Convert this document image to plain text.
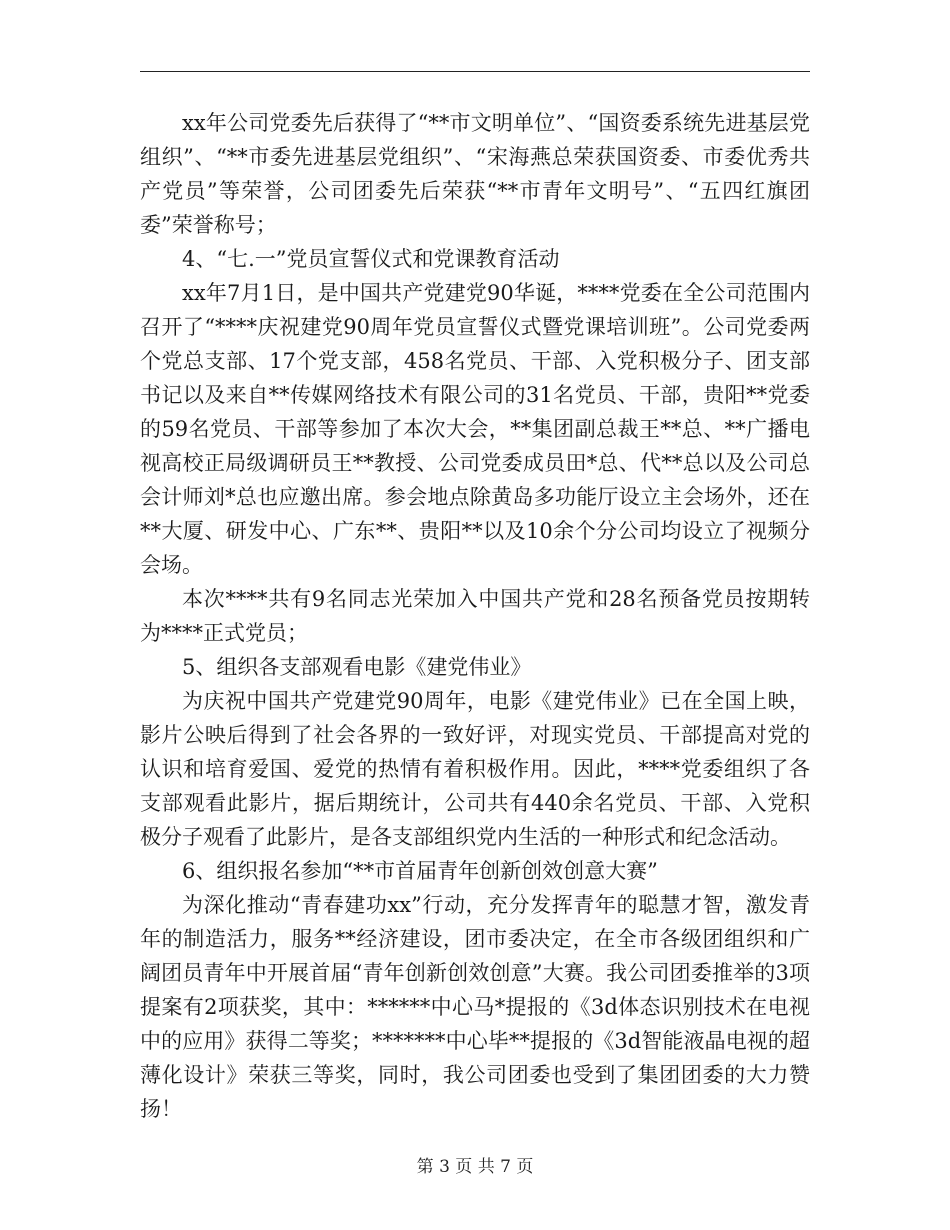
xx年公司党委先后获得了“**市文明单位”、“国资委系统先进基层党组织”、“**市委先进基层党组织”、“宋海燕总荣获国资委、市委优秀共产党员”等荣誉，公司团委先后荣获“**市青年文明号”、“五四红旗团委”荣誉称号；

4、“七.一”党员宣誓仪式和党课教育活动

xx年7月1日，是中国共产党建党90华诞，****党委在全公司范围内召开了“****庆祝建党90周年党员宣誓仪式暨党课培训班”。公司党委两个党总支部、17个党支部，458名党员、干部、入党积极分子、团支部书记以及来自**传媒网络技术有限公司的31名党员、干部，贵阳**党委的59名党员、干部等参加了本次大会，**集团副总裁王**总、**广播电视高校正局级调研员王**教授、公司党委成员田*总、代**总以及公司总会计师刘*总也应邀出席。参会地点除黄岛多功能厅设立主会场外，还在**大厦、研发中心、广东**、贵阳**以及10余个分公司均设立了视频分会场。

本次****共有9名同志光荣加入中国共产党和28名预备党员按期转为****正式党员；

5、组织各支部观看电影《建党伟业》

为庆祝中国共产党建党90周年，电影《建党伟业》已在全国上映，影片公映后得到了社会各界的一致好评，对现实党员、干部提高对党的认识和培育爱国、爱党的热情有着积极作用。因此，****党委组织了各支部观看此影片，据后期统计，公司共有440余名党员、干部、入党积极分子观看了此影片，是各支部组织党内生活的一种形式和纪念活动。

6、组织报名参加“**市首届青年创新创效创意大赛”

为深化推动“青春建功xx”行动，充分发挥青年的聪慧才智，激发青年的制造活力，服务**经济建设，团市委决定，在全市各级团组织和广阔团员青年中开展首届“青年创新创效创意”大赛。我公司团委推举的3项提案有2项获奖，其中：******中心马*提报的《3d体态识别技术在电视中的应用》获得二等奖；*******中心毕**提报的《3d智能液晶电视的超薄化设计》荣获三等奖，同时，我公司团委也受到了集团团委的大力赞扬！

第 3 页 共 7 页
